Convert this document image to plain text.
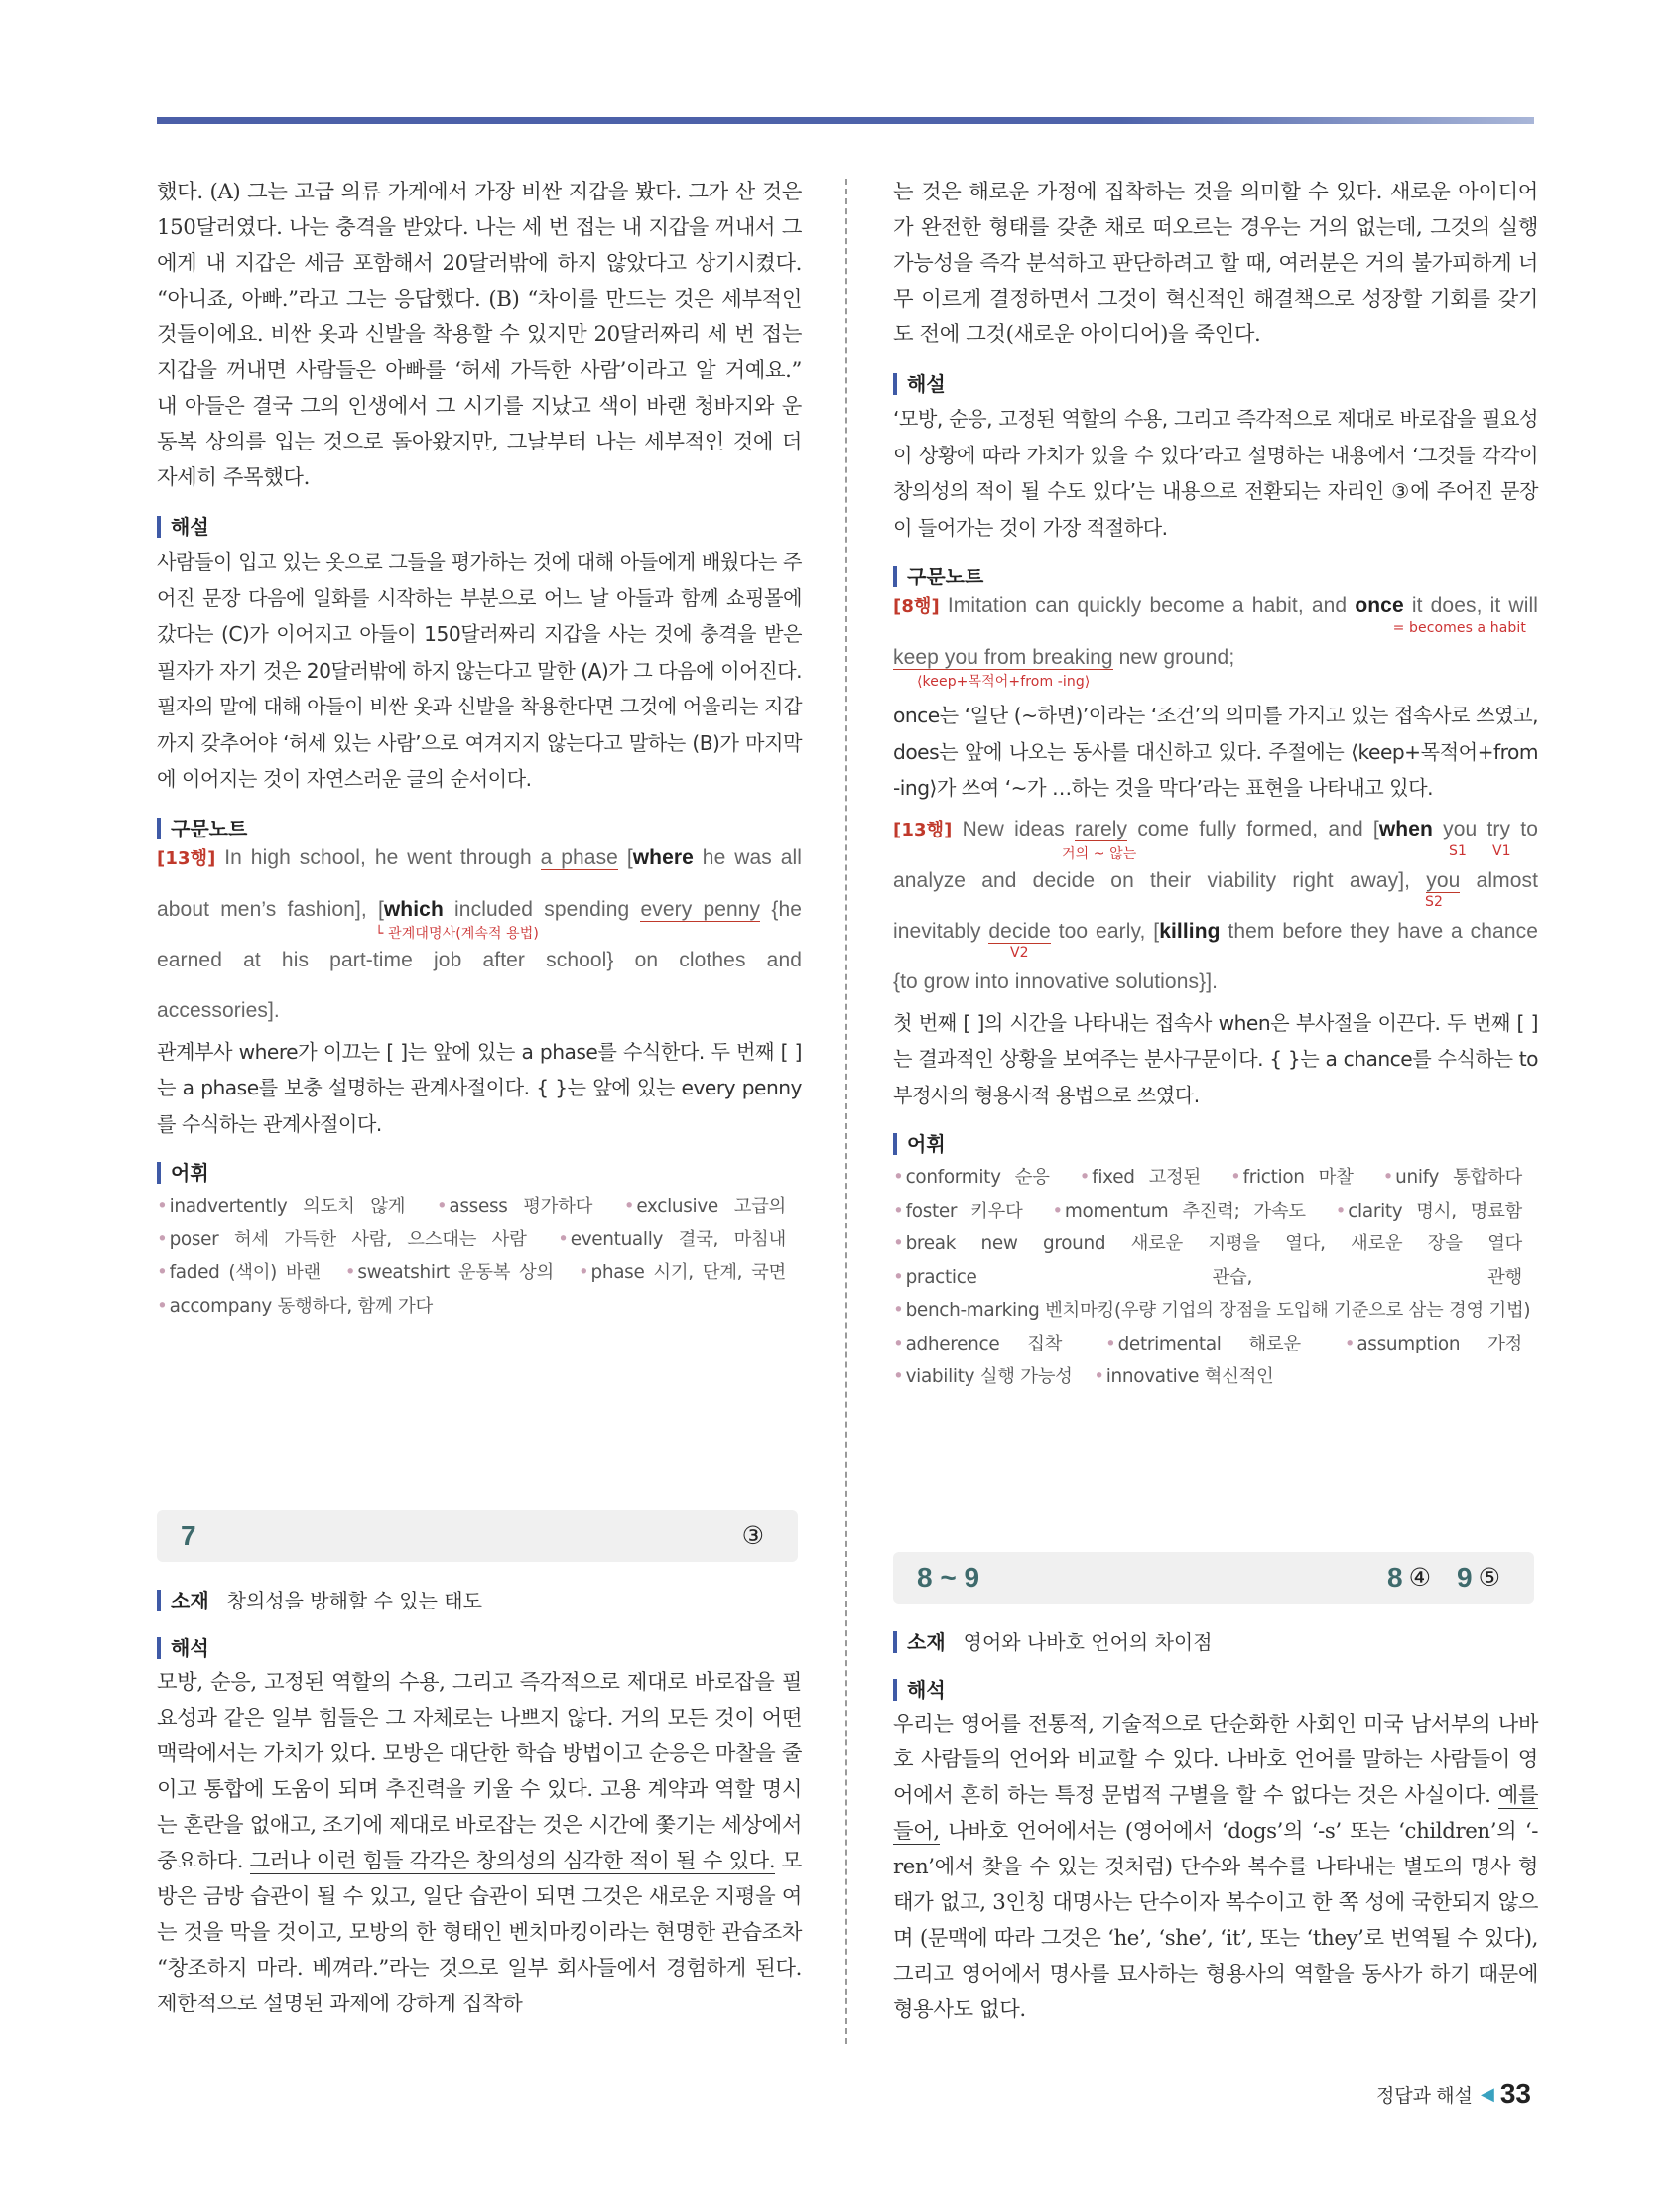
했다. (A) 그는 고급 의류 가게에서 가장 비싼 지갑을 봤다. 그가 산 것은 150달러였다. 나는 충격을 받았다. 나는 세 번 접는 내 지갑을 꺼내서 그에게 내 지갑은 세금 포함해서 20달러밖에 하지 않았다고 상기시켰다. “아니죠, 아빠.”라고 그는 응답했다. (B) “차이를 만드는 것은 세부적인 것들이에요. 비싼 옷과 신발을 착용할 수 있지만 20달러짜리 세 번 접는 지갑을 꺼내면 사람들은 아빠를 ‘허세 가득한 사람’이라고 알 거예요.” 내 아들은 결국 그의 인생에서 그 시기를 지났고 색이 바랜 청바지와 운동복 상의를 입는 것으로 돌아왔지만, 그날부터 나는 세부적인 것에 더 자세히 주목했다.

해설

사람들이 입고 있는 옷으로 그들을 평가하는 것에 대해 아들에게 배웠다는 주어진 문장 다음에 일화를 시작하는 부분으로 어느 날 아들과 함께 쇼핑몰에 갔다는 (C)가 이어지고 아들이 150달러짜리 지갑을 사는 것에 충격을 받은 필자가 자기 것은 20달러밖에 하지 않는다고 말한 (A)가 그 다음에 이어진다. 필자의 말에 대해 아들이 비싼 옷과 신발을 착용한다면 그것에 어울리는 지갑까지 갖추어야 ‘허세 있는 사람’으로 여겨지지 않는다고 말하는 (B)가 마지막에 이어지는 것이 자연스러운 글의 순서이다.

구문노트
[13행] In high school, he went through a phase [where he was all
about men’s fashion], [which included spending every penny {he
└ 관계대명사(계속적 용법)
earned at his part-time job after school} on clothes and
accessories].

관계부사 where가 이끄는 [ ]는 앞에 있는 a phase를 수식한다. 두 번째 [ ]는 a phase를 보충 설명하는 관계사절이다. { }는 앞에 있는 every penny를 수식하는 관계사절이다.

어휘

• inadvertently 의도치 않게 • assess 평가하다 • exclusive 고급의 • poser 허세 가득한 사람, 으스대는 사람 • eventually 결국, 마침내 • faded (색이) 바랜 • sweatshirt 운동복 상의 • phase 시기, 단계, 국면 • accompany 동행하다, 함께 가다

7	③
소재 창의성을 방해할 수 있는 태도
해석

모방, 순응, 고정된 역할의 수용, 그리고 즉각적으로 제대로 바로잡을 필요성과 같은 일부 힘들은 그 자체로는 나쁘지 않다. 거의 모든 것이 어떤 맥락에서는 가치가 있다. 모방은 대단한 학습 방법이고 순응은 마찰을 줄이고 통합에 도움이 되며 추진력을 키울 수 있다. 고용 계약과 역할 명시는 혼란을 없애고, 조기에 제대로 바로잡는 것은 시간에 쫓기는 세상에서 중요하다. 그러나 이런 힘들 각각은 창의성의 심각한 적이 될 수 있다. 모방은 금방 습관이 될 수 있고, 일단 습관이 되면 그것은 새로운 지평을 여는 것을 막을 것이고, 모방의 한 형태인 벤치마킹이라는 현명한 관습조차 “창조하지 마라. 베껴라.”라는 것으로 일부 회사들에서 경험하게 된다. 제한적으로 설명된 과제에 강하게 집착하

는 것은 해로운 가정에 집착하는 것을 의미할 수 있다. 새로운 아이디어가 완전한 형태를 갖춘 채로 떠오르는 경우는 거의 없는데, 그것의 실행 가능성을 즉각 분석하고 판단하려고 할 때, 여러분은 거의 불가피하게 너무 이르게 결정하면서 그것이 혁신적인 해결책으로 성장할 기회를 갖기도 전에 그것(새로운 아이디어)을 죽인다.

해설

‘모방, 순응, 고정된 역할의 수용, 그리고 즉각적으로 제대로 바로잡을 필요성이 상황에 따라 가치가 있을 수 있다’라고 설명하는 내용에서 ‘그것들 각각이 창의성의 적이 될 수도 있다’는 내용으로 전환되는 자리인 ③에 주어진 문장이 들어가는 것이 가장 적절하다.

구문노트
[8행] Imitation can quickly become a habit, and once it does, it will
= becomes a habit
keep you from breaking new ground;
⟨keep+목적어+from -ing⟩

once는 ‘일단 (~하면)’이라는 ‘조건’의 의미를 가지고 있는 접속사로 쓰였고, does는 앞에 나오는 동사를 대신하고 있다. 주절에는 ⟨keep+목적어+from -ing⟩가 쓰여 ‘~가 …하는 것을 막다’라는 표현을 나타내고 있다.

[13행] New ideas rarely come fully formed, and [when you try to
거의 ~ 않는	S1 V1
analyze and decide on their viability right away], you almost
S2
inevitably decide too early, [killing them before they have a chance
V2
{to grow into innovative solutions}].

첫 번째 [ ]의 시간을 나타내는 접속사 when은 부사절을 이끈다. 두 번째 [ ]는 결과적인 상황을 보여주는 분사구문이다. { }는 a chance를 수식하는 to부정사의 형용사적 용법으로 쓰였다.

어휘

• conformity 순응 • fixed 고정된 • friction 마찰 • unify 통합하다 • foster 키우다 • momentum 추진력; 가속도 • clarity 명시, 명료함 • break new ground 새로운 지평을 열다, 새로운 장을 열다 • practice 관습, 관행 • bench-marking 벤치마킹(우량 기업의 장점을 도입해 기준으로 삼는 경영 기법) • adherence 집착	• detrimental 해로운	• assumption 가정 • viability 실행 가능성 • innovative 혁신적인

8 ~ 9	8 ④ 9 ⑤
소재 영어와 나바호 언어의 차이점
해석

우리는 영어를 전통적, 기술적으로 단순화한 사회인 미국 남서부의 나바호 사람들의 언어와 비교할 수 있다. 나바호 언어를 말하는 사람들이 영어에서 흔히 하는 특정 문법적 구별을 할 수 없다는 것은 사실이다. 예를 들어, 나바호 언어에서는 (영어에서 ‘dogs’의 ‘-s’ 또는 ‘children’의 ‘-ren’에서 찾을 수 있는 것처럼) 단수와 복수를 나타내는 별도의 명사 형태가 없고, 3인칭 대명사는 단수이자 복수이고 한 쪽 성에 국한되지 않으며 (문맥에 따라 그것은 ‘he’, ‘she’, ‘it’, 또는 ‘they’로 번역될 수 있다), 그리고 영어에서 명사를 묘사하는 형용사의 역할을 동사가 하기 때문에 형용사도 없다.

정답과 해설 ◀ 33
